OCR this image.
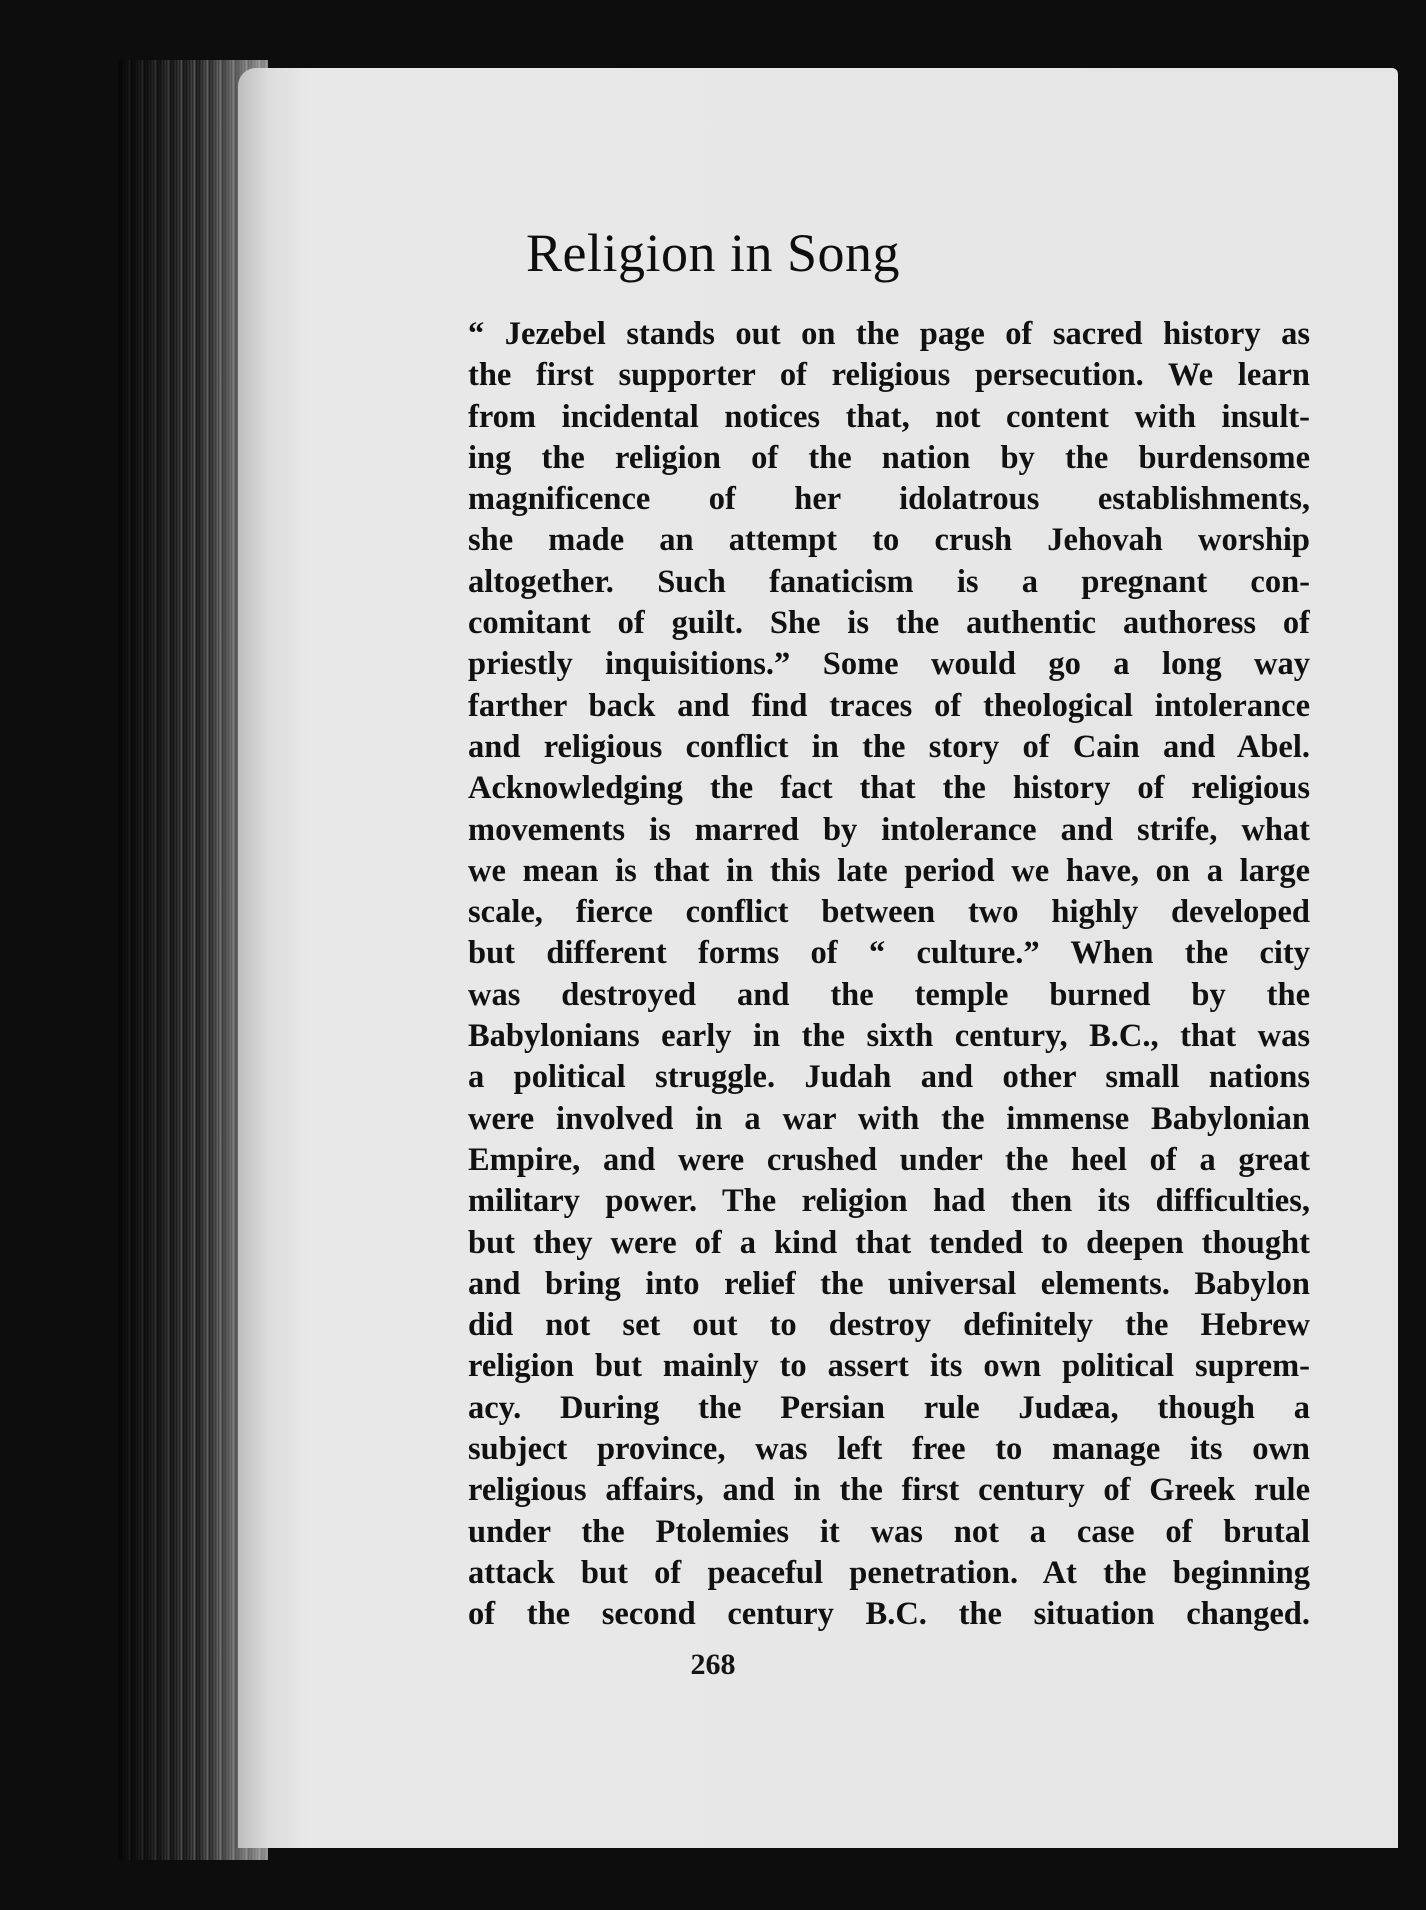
Religion in Song
“ Jezebel stands out on the page of sacred history as
the first supporter of religious persecution. We learn
from incidental notices that, not content with insult-
ing the religion of the nation by the burdensome
magnificence of her idolatrous establishments,
she made an attempt to crush Jehovah worship
altogether. Such fanaticism is a pregnant con-
comitant of guilt. She is the authentic authoress of
priestly inquisitions.” Some would go a long way
farther back and find traces of theological intolerance
and religious conflict in the story of Cain and Abel.
Acknowledging the fact that the history of religious
movements is marred by intolerance and strife, what
we mean is that in this late period we have, on a large
scale, fierce conflict between two highly developed
but different forms of “ culture.” When the city
was destroyed and the temple burned by the
Babylonians early in the sixth century, B.C., that was
a political struggle. Judah and other small nations
were involved in a war with the immense Babylonian
Empire, and were crushed under the heel of a great
military power. The religion had then its difficulties,
but they were of a kind that tended to deepen thought
and bring into relief the universal elements. Babylon
did not set out to destroy definitely the Hebrew
religion but mainly to assert its own political suprem-
acy. During the Persian rule Judæa, though a
subject province, was left free to manage its own
religious affairs, and in the first century of Greek rule
under the Ptolemies it was not a case of brutal
attack but of peaceful penetration. At the beginning
of the second century B.C. the situation changed.

268
